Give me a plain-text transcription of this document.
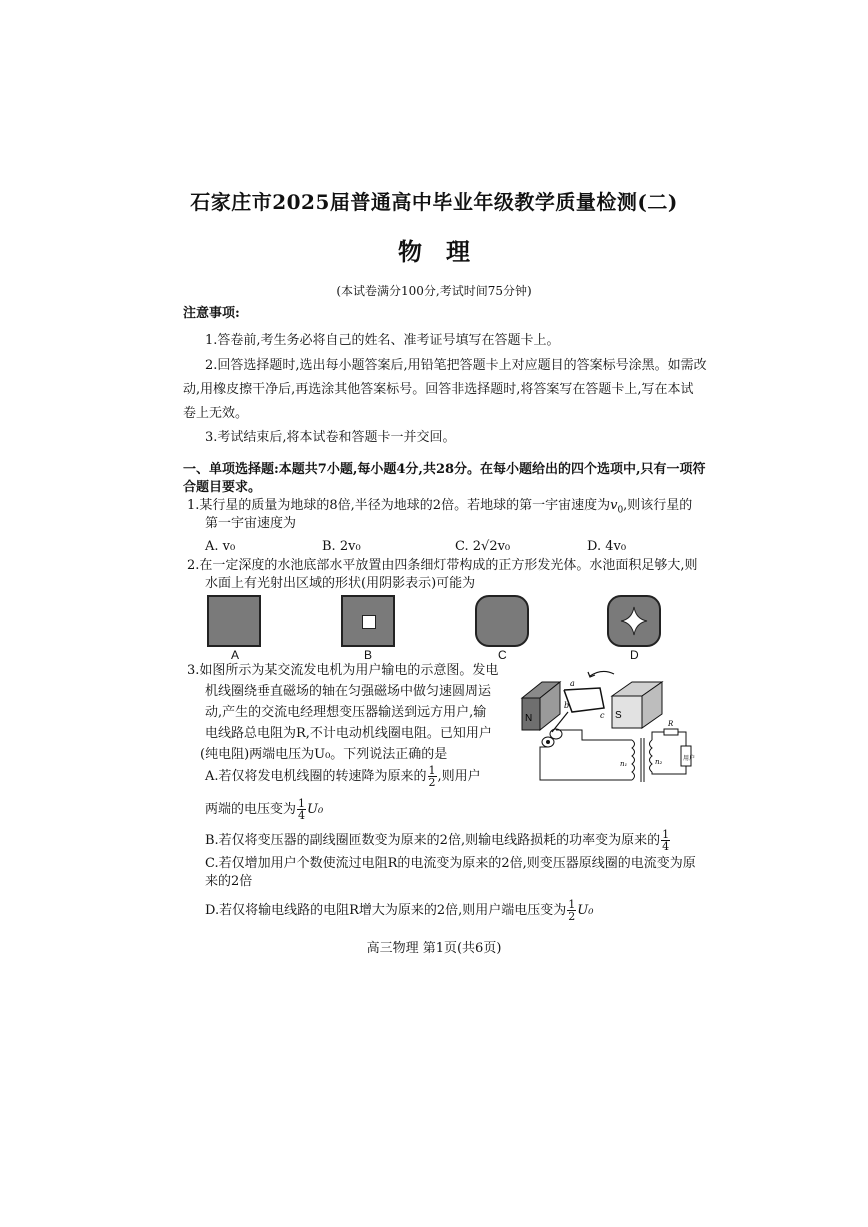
石家庄市2025届普通高中毕业年级教学质量检测(二)
物理
(本试卷满分100分,考试时间75分钟)
注意事项:
1.答卷前,考生务必将自己的姓名、准考证号填写在答题卡上。
2.回答选择题时,选出每小题答案后,用铅笔把答题卡上对应题目的答案标号涂黑。如需改
动,用橡皮擦干净后,再选涂其他答案标号。回答非选择题时,将答案写在答题卡上,写在本试
卷上无效。
3.考试结束后,将本试卷和答题卡一并交回。
一、单项选择题:本题共7小题,每小题4分,共28分。在每小题给出的四个选项中,只有一项符
合题目要求。
1.某行星的质量为地球的8倍,半径为地球的2倍。若地球的第一宇宙速度为$v_0$,则该行星的
第一宇宙速度为
A. v₀	B. 2v₀	C. 2√2v₀	D. 4v₀
2.在一定深度的水池底部水平放置由四条细灯带构成的正方形发光体。水池面积足够大,则
水面上有光射出区域的形状(用阴影表示)可能为
A	B	C	D
3.如图所示为某交流发电机为用户输电的示意图。发电
机线圈绕垂直磁场的轴在匀强磁场中做匀速圆周运
动,产生的交流电经理想变压器输送到远方用户,输
电线路总电阻为R,不计电动机线圈电阻。已知用户
(纯电阻)两端电压为U₀。下列说法正确的是
N	S
a
b
c
n₁	n₂
R
用户
A.若仅将发电机线圈的转速降为原来的 $\frac{1}{2}$ ,则用户
两端的电压变为 $\frac{1}{4} U_0$
B.若仅将变压器的副线圈匝数变为原来的2倍,则输电线路损耗的功率变为原来的 $\frac{1}{4}$
C.若仅增加用户个数使流过电阻R的电流变为原来的2倍,则变压器原线圈的电流变为原
来的2倍
D.若仅将输电线路的电阻R增大为原来的2倍,则用户端电压变为 $\frac{1}{2} U_0$
高三物理 第1页(共6页)
